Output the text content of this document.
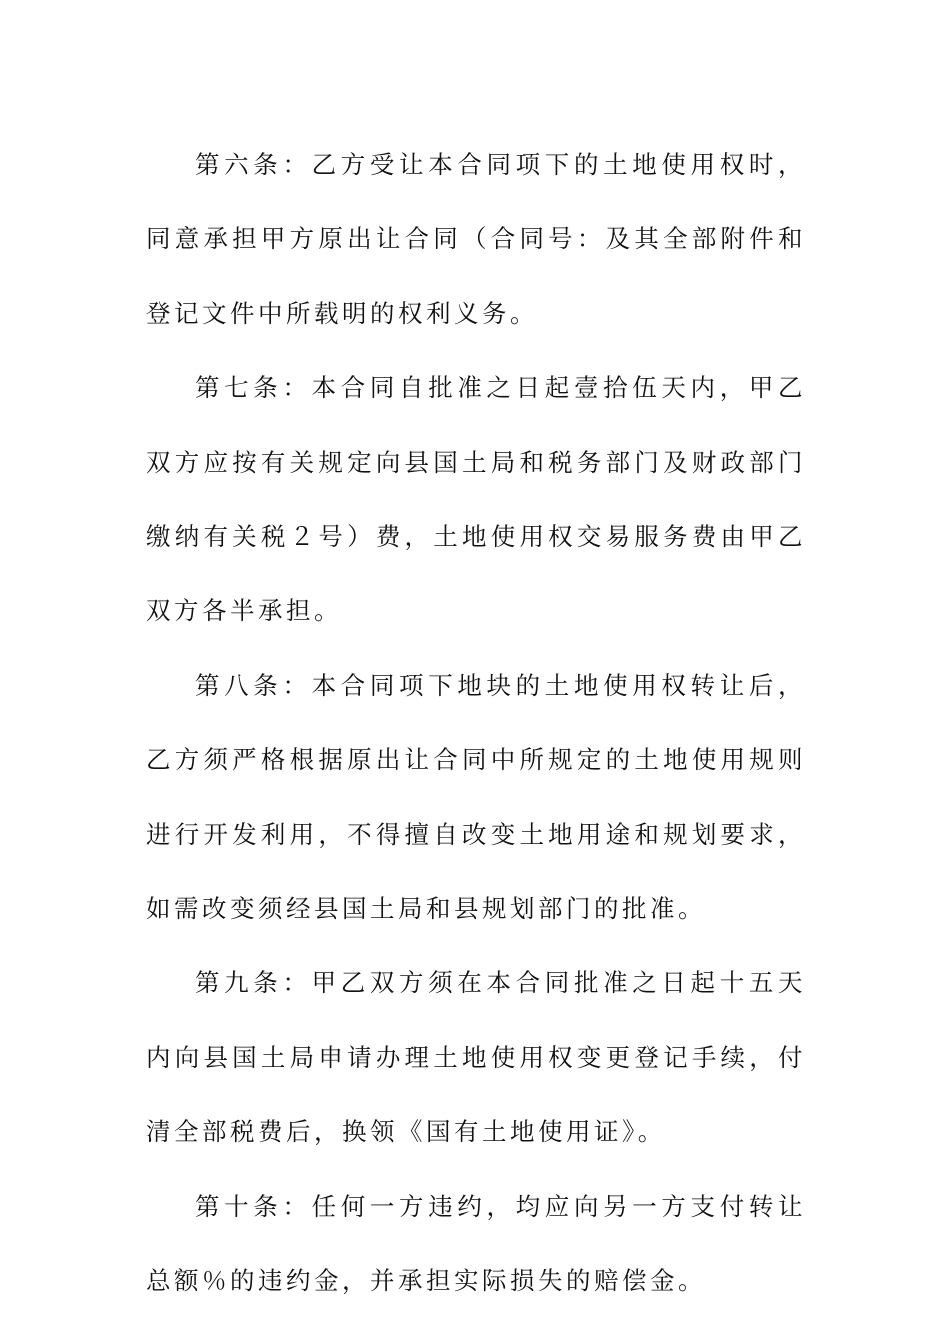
第六条：乙方受让本合同项下的土地使用权时，同意承担甲方原出让合同（合同号：及其全部附件和登记文件中所载明的权利义务。

第七条：本合同自批准之日起壹拾伍天内，甲乙双方应按有关规定向县国土局和税务部门及财政部门缴纳有关税２号）费，土地使用权交易服务费由甲乙双方各半承担。

第八条：本合同项下地块的土地使用权转让后，乙方须严格根据原出让合同中所规定的土地使用规则进行开发利用，不得擅自改变土地用途和规划要求，如需改变须经县国土局和县规划部门的批准。

第九条：甲乙双方须在本合同批准之日起十五天内向县国土局申请办理土地使用权变更登记手续，付清全部税费后，换领《国有土地使用证》。

第十条：任何一方违约，均应向另一方支付转让总额％的违约金，并承担实际损失的赔偿金。
